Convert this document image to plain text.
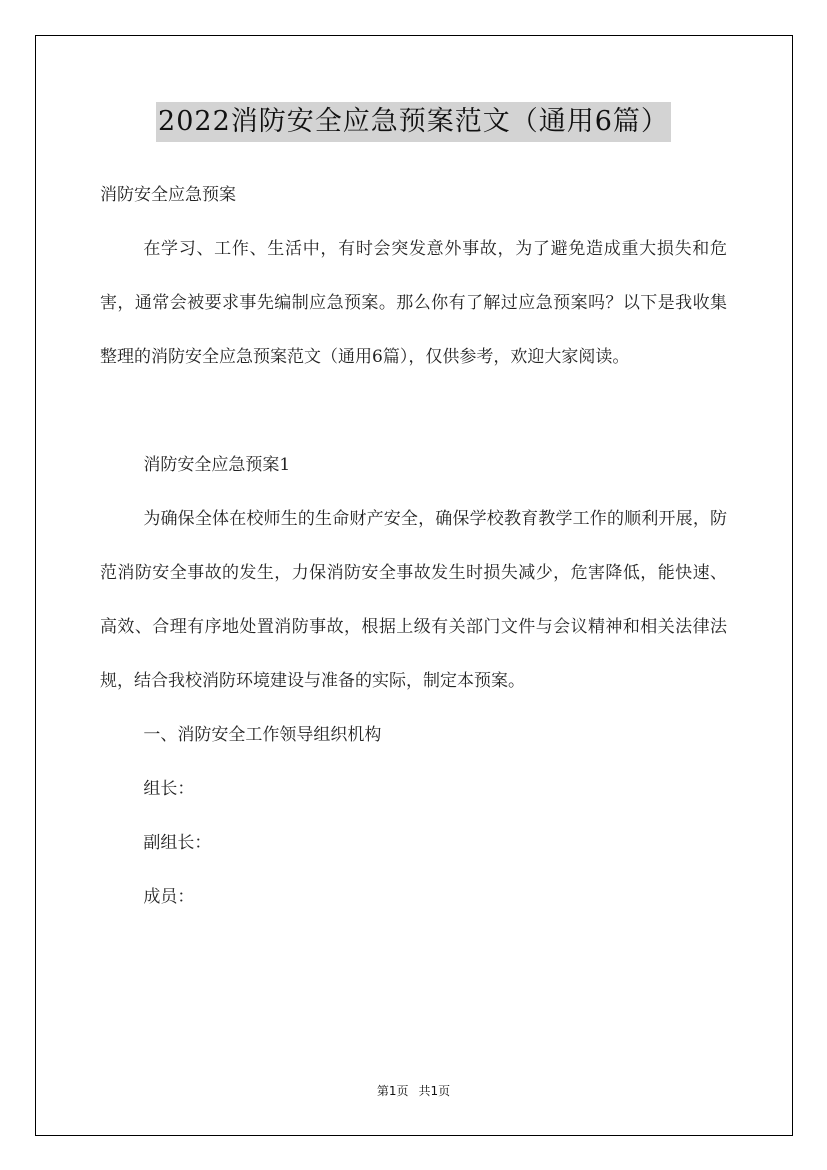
2022消防安全应急预案范文（通用6篇）

消防安全应急预案

在学习、工作、生活中，有时会突发意外事故，为了避免造成重大损失和危害，通常会被要求事先编制应急预案。那么你有了解过应急预案吗？以下是我收集整理的消防安全应急预案范文（通用6篇），仅供参考，欢迎大家阅读。

消防安全应急预案1

为确保全体在校师生的生命财产安全，确保学校教育教学工作的顺利开展，防范消防安全事故的发生，力保消防安全事故发生时损失减少，危害降低，能快速、高效、合理有序地处置消防事故，根据上级有关部门文件与会议精神和相关法律法规，结合我校消防环境建设与准备的实际，制定本预案。

一、消防安全工作领导组织机构

组长：

副组长：

成员：

第1页 共1页
